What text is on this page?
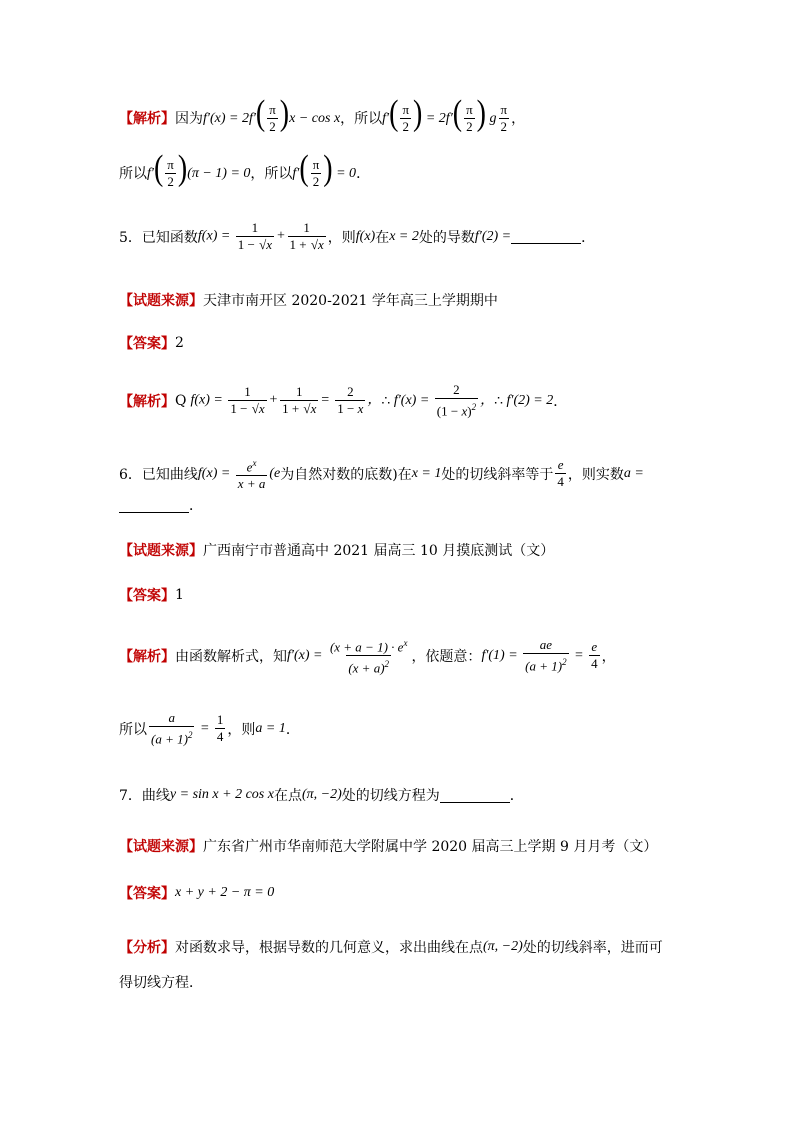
【解析】 因为 $f'(x) = 2f'( \frac{\pi}{2} )x - \cos x$ ，所以 $f'( \frac{\pi}{2}$ ) = $2f'( \frac{\pi}{2}$ ) g $\frac{\pi}{2}$ ，
所以 $f'( \frac{\pi}{2} )(\pi - 1) = 0$ ，所以 $f'( \frac{\pi}{2}$ ) = 0 ．
5． 已知函数 $f(x) = \frac{1}{1 - √x} + \frac{1}{1 + √x}$ ，则 f(x) 在 x = 2 处的导数 f′(2) =	．
【试题来源】 天津市南开区 2020-2021 学年高三上学期期中
【答案】 2
【解析】 Q $f(x) = \frac{1}{1 - √x} + \frac{1}{1 + √x} = \frac{2}{1 - x}$ ， ∴ $f'(x) = \frac{2}{(1 - x)^2}$ ， ∴ f′(2) = 2 ．
6． 已知曲线 $f(x) = \frac{e^x}{x + a} (e$ 为自然对数的底数)在 x = 1 处的切线斜率等于 $\frac{e}{4}$ ，则实数 a =
．
【试题来源】 广西南宁市普通高中 2021 届高三 10 月摸底测试（文）
【答案】 1
【解析】 由函数解析式，知 $f'(x) = \frac{(x + a - 1) \cdot e^x}{(x + a)^2}$ ，依题意： $f'(1) = \frac{ae}{(a + 1)^2} = \frac{e}{4}$ ，
所以 $\frac{a}{(a + 1)^2} = \frac{1}{4}$ ，则 a = 1 ．
7． 曲线 y = sin x + 2 cos x 在点 (π, −2) 处的切线方程为	．
【试题来源】 广东省广州市华南师范大学附属中学 2020 届高三上学期 9 月月考（文）
【答案】 x + y + 2 − π = 0
【分析】 对函数求导，根据导数的几何意义，求出曲线在点 (π, −2) 处的切线斜率，进而可
得切线方程．
